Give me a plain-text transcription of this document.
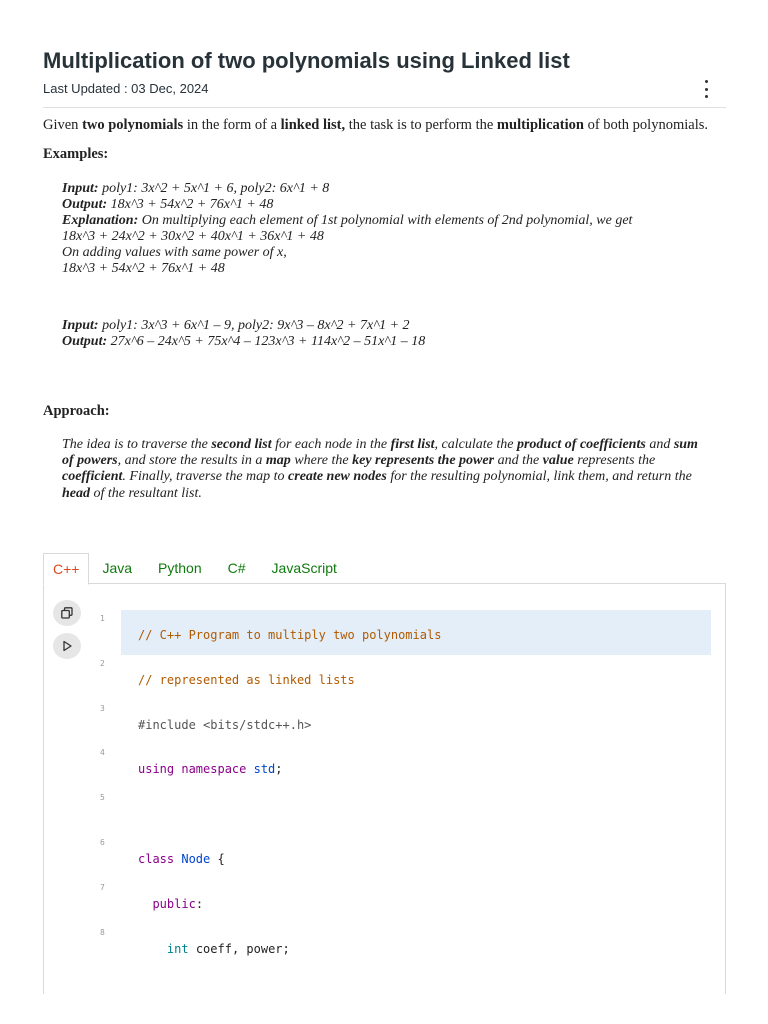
Multiplication of two polynomials using Linked list
Last Updated : 03 Dec, 2024
Given two polynomials in the form of a linked list, the task is to perform the multiplication of both polynomials.
Examples:
Input: poly1: 3x^2 + 5x^1 + 6, poly2: 6x^1 + 8
Output: 18x^3 + 54x^2 + 76x^1 + 48
Explanation: On multiplying each element of 1st polynomial with elements of 2nd polynomial, we get
18x^3 + 24x^2 + 30x^2 + 40x^1 + 36x^1 + 48
On adding values with same power of x,
18x^3 + 54x^2 + 76x^1 + 48
Input: poly1: 3x^3 + 6x^1 – 9, poly2: 9x^3 – 8x^2 + 7x^1 + 2
Output: 27x^6 – 24x^5 + 75x^4 – 123x^3 + 114x^2 – 51x^1 – 18
Approach:
The idea is to traverse the second list for each node in the first list, calculate the product of coefficients and sum of powers, and store the results in a map where the key represents the power and the value represents the coefficient. Finally, traverse the map to create new nodes for the resulting polynomial, link them, and return the head of the resultant list.
1
// C++ Program to multiply two polynomials
2
// represented as linked lists
3
#include <bits/stdc++.h>
4
using namespace std;
5
6
class Node {
7
public:
8
int coeff, power;
C++	Java	Python	C#	JavaScript
